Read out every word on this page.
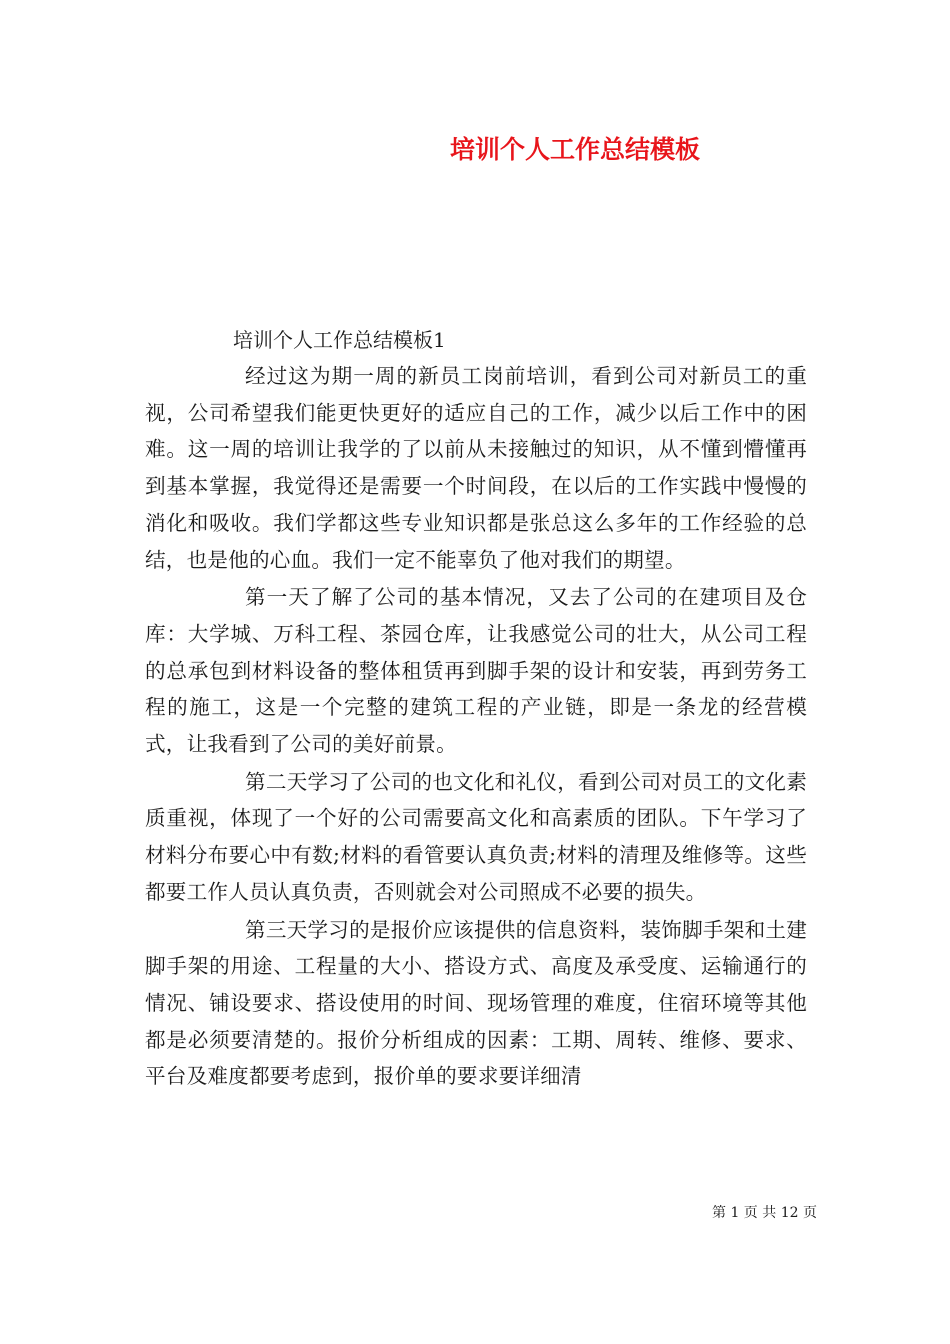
培训个人工作总结模板
培训个人工作总结模板1

经过这为期一周的新员工岗前培训，看到公司对新员工的重视，公司希望我们能更快更好的适应自己的工作，减少以后工作中的困难。这一周的培训让我学的了以前从未接触过的知识，从不懂到懵懂再到基本掌握，我觉得还是需要一个时间段，在以后的工作实践中慢慢的消化和吸收。我们学都这些专业知识都是张总这么多年的工作经验的总结，也是他的心血。我们一定不能辜负了他对我们的期望。

第一天了解了公司的基本情况，又去了公司的在建项目及仓库：大学城、万科工程、茶园仓库，让我感觉公司的壮大，从公司工程的总承包到材料设备的整体租赁再到脚手架的设计和安装，再到劳务工程的施工，这是一个完整的建筑工程的产业链，即是一条龙的经营模式，让我看到了公司的美好前景。

第二天学习了公司的也文化和礼仪，看到公司对员工的文化素质重视，体现了一个好的公司需要高文化和高素质的团队。下午学习了材料分布要心中有数;材料的看管要认真负责;材料的清理及维修等。这些都要工作人员认真负责，否则就会对公司照成不必要的损失。

第三天学习的是报价应该提供的信息资料，装饰脚手架和土建脚手架的用途、工程量的大小、搭设方式、高度及承受度、运输通行的情况、铺设要求、搭设使用的时间、现场管理的难度，住宿环境等其他都是必须要清楚的。报价分析组成的因素：工期、周转、维修、要求、平台及难度都要考虑到，报价单的要求要详细清

第 1 页 共 12 页
